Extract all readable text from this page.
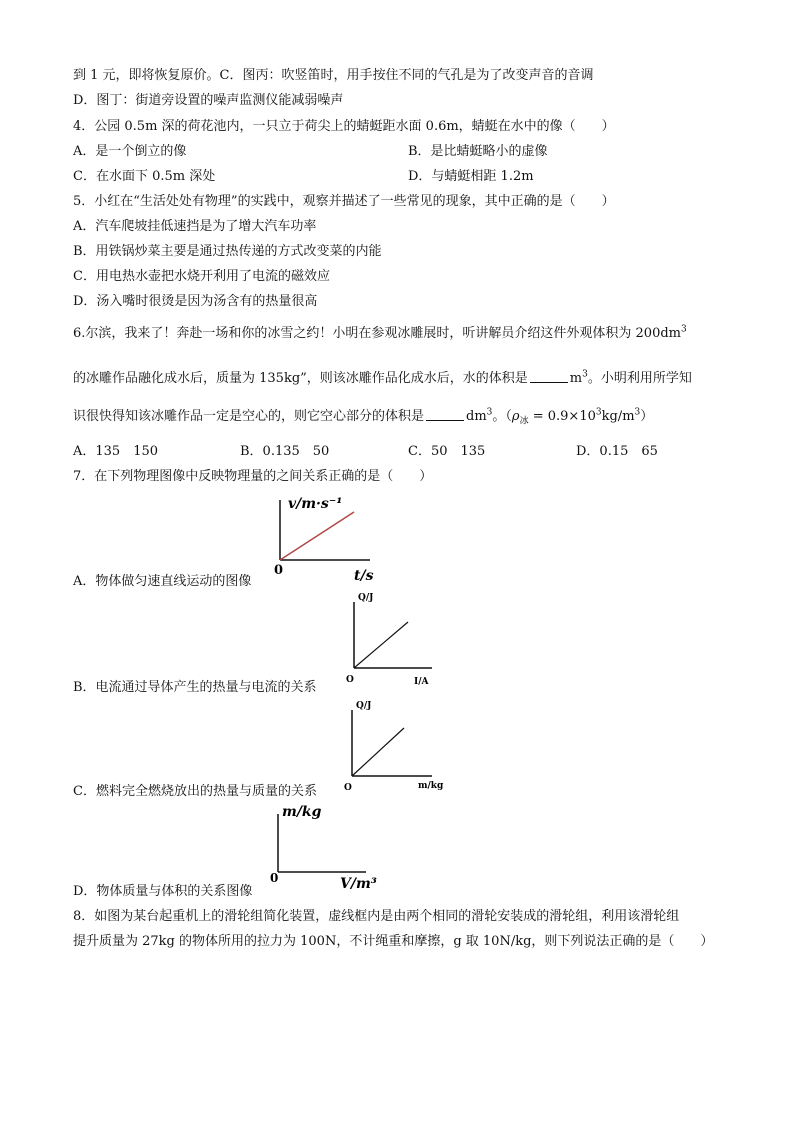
到 1 元，即将恢复原价。C．图丙：吹竖笛时，用手按住不同的气孔是为了改变声音的音调
D．图丁：街道旁设置的噪声监测仪能减弱噪声
4．公园 0.5m 深的荷花池内，一只立于荷尖上的蜻蜓距水面 0.6m，蜻蜓在水中的像（　　）
A．是一个倒立的像	B．是比蜻蜓略小的虚像
C．在水面下 0.5m 深处	D．与蜻蜓相距 1.2m
5．小红在“生活处处有物理”的实践中，观察并描述了一些常见的现象，其中正确的是（　　）
A．汽车爬坡挂低速挡是为了增大汽车功率
B．用铁锅炒菜主要是通过热传递的方式改变菜的内能
C．用电热水壶把水烧开利用了电流的磁效应
D．汤入嘴时很烫是因为汤含有的热量很高
6.尔滨，我来了！奔赴一场和你的冰雪之约！小明在参观冰雕展时，听讲解员介绍这件外观体积为 $200dm^3$
的冰雕作品融化成水后，质量为 135kg”，则该冰雕作品化成水后，水的体积是	$m^3$。小明利用所学知
识很快得知该冰雕作品一定是空心的，则它空心部分的体积是	$dm^3$。$(\rho_冰 = 0.9\times 10^3kg/m^3)$
A．135　150	B．0.135　50	C．50　135	D．0.15　65
7．在下列物理图像中反映物理量的之间关系正确的是（　　）
v/m·s⁻¹
0	t/s
A．物体做匀速直线运动的图像
Q/J
O	I/A
B．电流通过导体产生的热量与电流的关系
Q/J
O	m/kg
C．燃料完全燃烧放出的热量与质量的关系
m/kg
0	V/m³
D．物体质量与体积的关系图像
8．如图为某台起重机上的滑轮组简化装置，虚线框内是由两个相同的滑轮安装成的滑轮组，利用该滑轮组
提升质量为 27kg 的物体所用的拉力为 100N，不计绳重和摩擦，g 取 10N/kg，则下列说法正确的是（　　）
